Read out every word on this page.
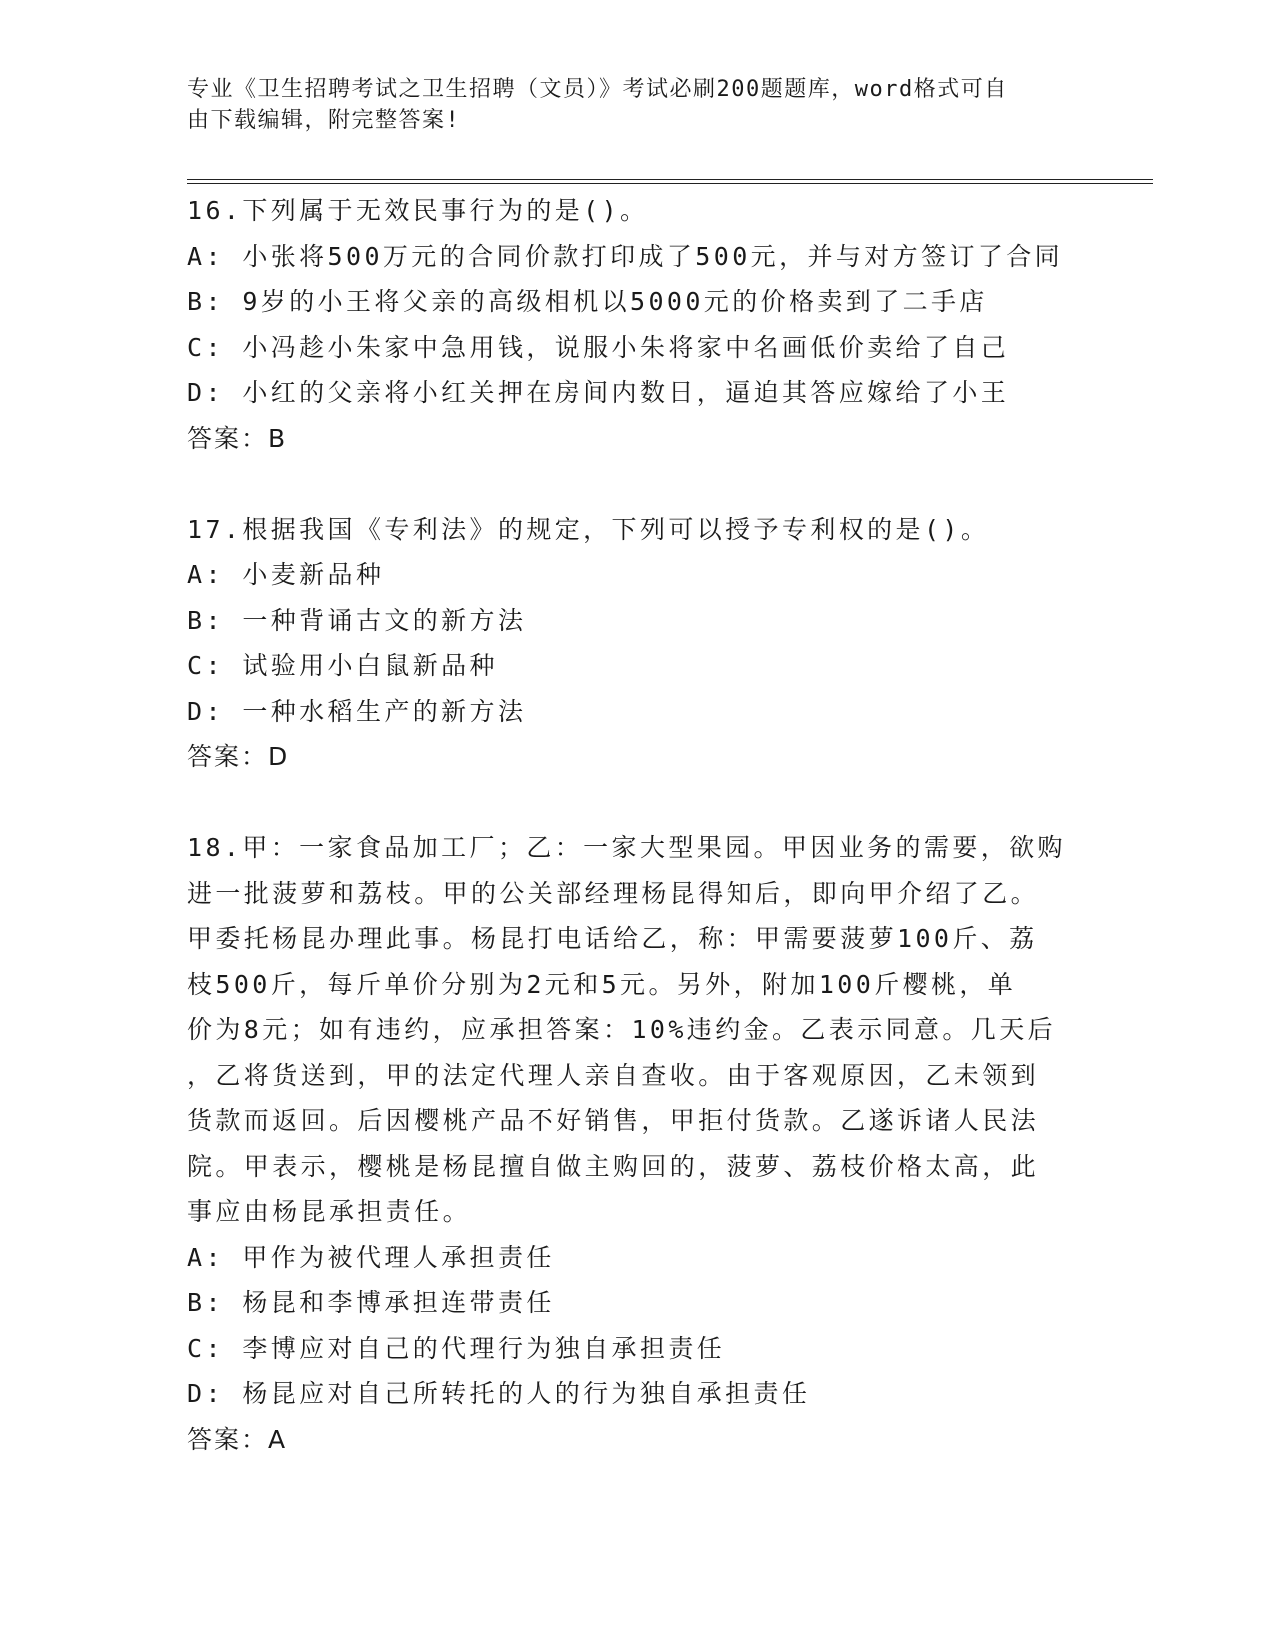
专业《卫生招聘考试之卫生招聘（文员）》考试必刷200题题库，word格式可自
由下载编辑，附完整答案!
16.下列属于无效民事行为的是()。
A: 小张将500万元的合同价款打印成了500元，并与对方签订了合同
B: 9岁的小王将父亲的高级相机以5000元的价格卖到了二手店
C: 小冯趁小朱家中急用钱，说服小朱将家中名画低价卖给了自己
D: 小红的父亲将小红关押在房间内数日，逼迫其答应嫁给了小王
答案：B
17.根据我国《专利法》的规定，下列可以授予专利权的是()。
A: 小麦新品种
B: 一种背诵古文的新方法
C: 试验用小白鼠新品种
D: 一种水稻生产的新方法
答案：D
18.甲：一家食品加工厂；乙：一家大型果园。甲因业务的需要，欲购
进一批菠萝和荔枝。甲的公关部经理杨昆得知后，即向甲介绍了乙。
甲委托杨昆办理此事。杨昆打电话给乙，称：甲需要菠萝100斤、荔
枝500斤，每斤单价分别为2元和5元。另外，附加100斤樱桃，单
价为8元；如有违约，应承担答案：10%违约金。乙表示同意。几天后
，乙将货送到，甲的法定代理人亲自查收。由于客观原因，乙未领到
货款而返回。后因樱桃产品不好销售，甲拒付货款。乙遂诉诸人民法
院。甲表示，樱桃是杨昆擅自做主购回的，菠萝、荔枝价格太高，此
事应由杨昆承担责任。
A: 甲作为被代理人承担责任
B: 杨昆和李博承担连带责任
C: 李博应对自己的代理行为独自承担责任
D: 杨昆应对自己所转托的人的行为独自承担责任
答案：A
